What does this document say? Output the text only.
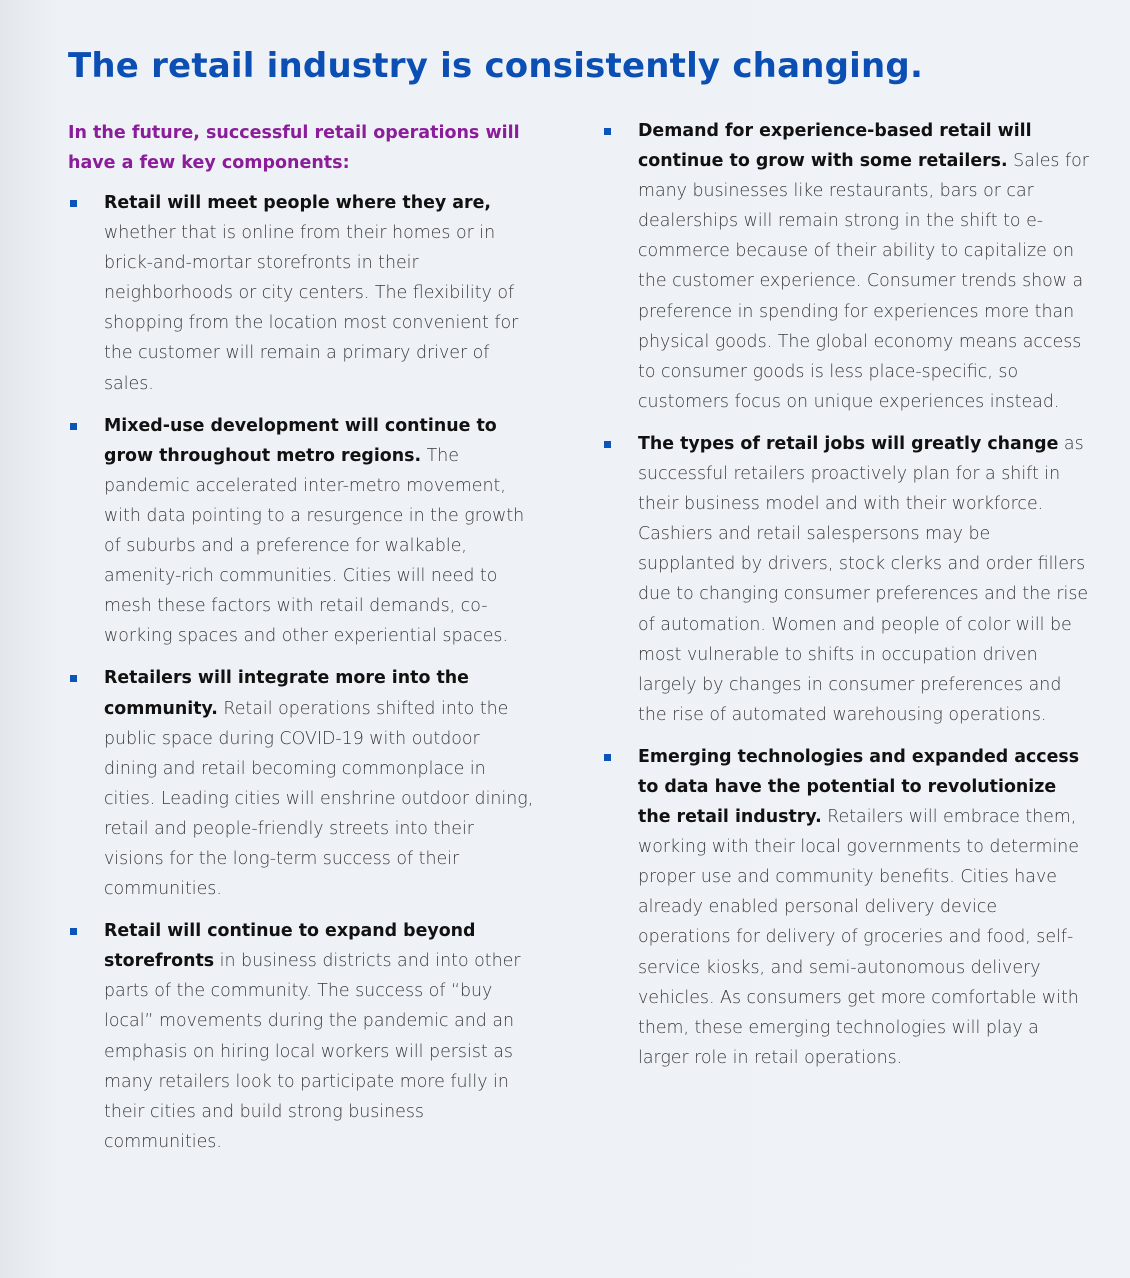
The retail industry is consistently changing.

In the future, successful retail operations will have a few key components:

Retail will meet people where they are, whether that is online from their homes or in brick-and-mortar storefronts in their neighborhoods or city centers. The flexibility of shopping from the location most convenient for the customer will remain a primary driver of sales.
Mixed-use development will continue to grow throughout metro regions. The pandemic accelerated inter-metro movement, with data pointing to a resurgence in the growth of suburbs and a preference for walkable, amenity-rich communities. Cities will need to mesh these factors with retail demands, co-working spaces and other experiential spaces.
Retailers will integrate more into the community. Retail operations shifted into the public space during COVID-19 with outdoor dining and retail becoming commonplace in cities. Leading cities will enshrine outdoor dining, retail and people-friendly streets into their visions for the long-term success of their communities.
Retail will continue to expand beyond storefronts in business districts and into other parts of the community. The success of “buy local” movements during the pandemic and an emphasis on hiring local workers will persist as many retailers look to participate more fully in their cities and build strong business communities.
Demand for experience-based retail will continue to grow with some retailers. Sales for many businesses like restaurants, bars or car dealerships will remain strong in the shift to e-commerce because of their ability to capitalize on the customer experience. Consumer trends show a preference in spending for experiences more than physical goods. The global economy means access to consumer goods is less place-specific, so customers focus on unique experiences instead.
The types of retail jobs will greatly change as successful retailers proactively plan for a shift in their business model and with their workforce. Cashiers and retail salespersons may be supplanted by drivers, stock clerks and order fillers due to changing consumer preferences and the rise of automation. Women and people of color will be most vulnerable to shifts in occupation driven largely by changes in consumer preferences and the rise of automated warehousing operations.
Emerging technologies and expanded access to data have the potential to revolutionize the retail industry. Retailers will embrace them, working with their local governments to determine proper use and community benefits. Cities have already enabled personal delivery device operations for delivery of groceries and food, self-service kiosks, and semi-autonomous delivery vehicles. As consumers get more comfortable with them, these emerging technologies will play a larger role in retail operations.
